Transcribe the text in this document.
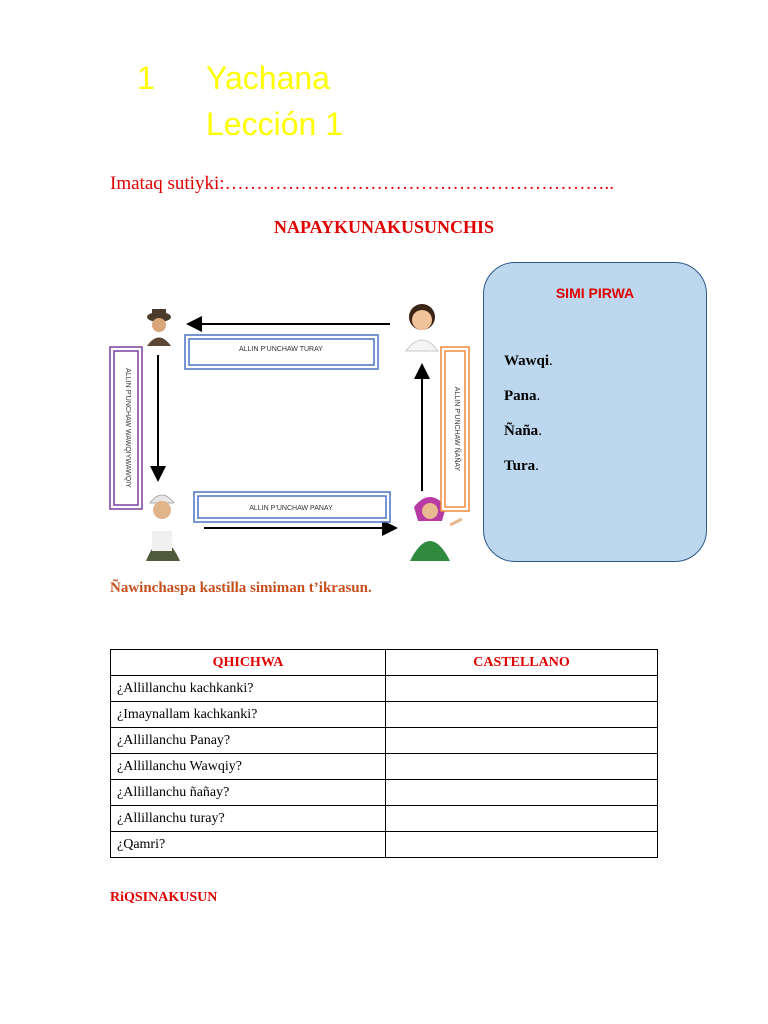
1 Yachana
Lección 1
Imataq sutiyki:……………………………………………………..
NAPAYKUNAKUSUNCHIS
ALLIN P’UNCHAW TURAY
ALLIN P’UNCHAW PANAY
ALLIN P’UNCHAW WAWQIYWAWQIY	ALLIN P’UNCHAW ÑAÑAY
SIMI PIRWA
Wawqi.
Pana.
Ñaña.
Tura.
Ñawinchaspa kastilla simiman t’ikrasun.
QHICHWA	CASTELLANO
¿Allillanchu kachkanki?	
¿Imaynallam kachkanki?	
¿Allillanchu Panay?	
¿Allillanchu Wawqiy?	
¿Allillanchu ñañay?	
¿Allillanchu turay?	
¿Qamri?	
RiQSINAKUSUN
